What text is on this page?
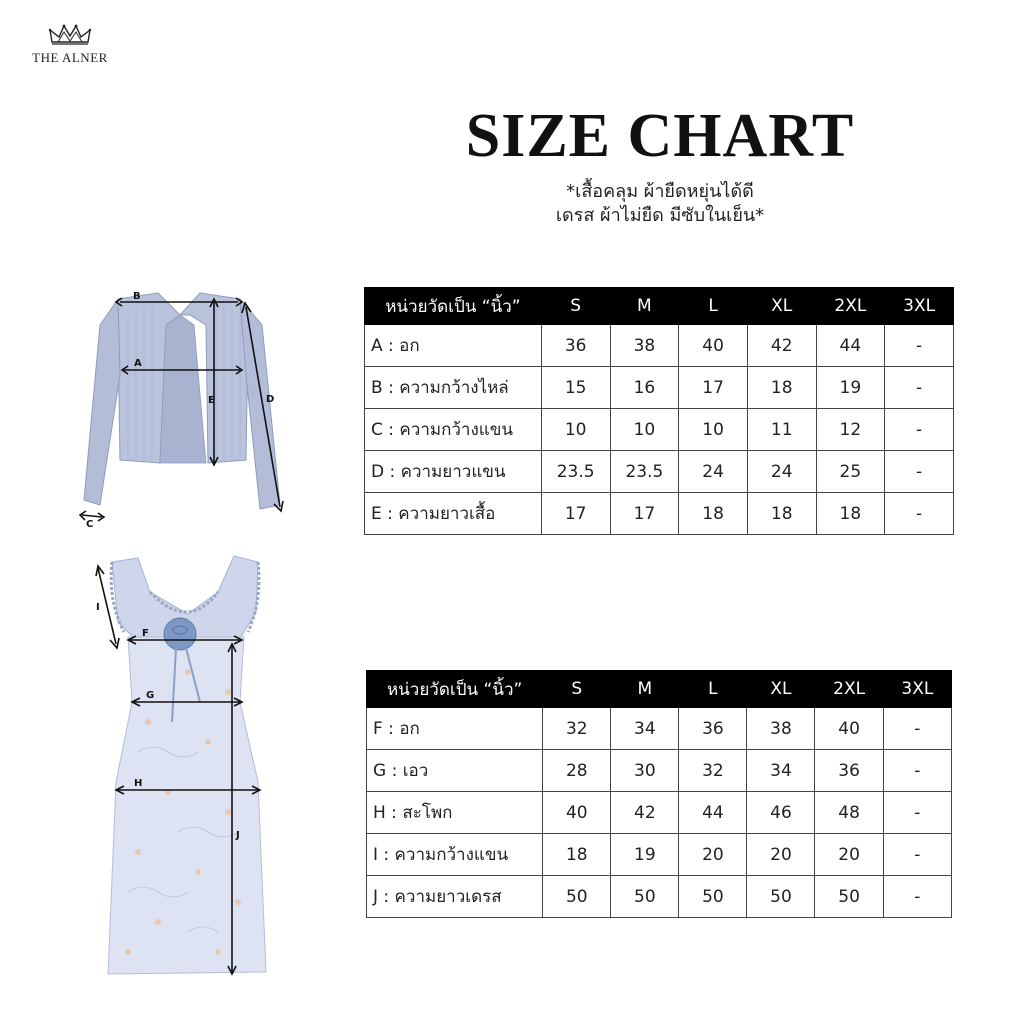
THE ALNER
SIZE CHART
*เสื้อคลุม ผ้ายืดหยุ่นได้ดี
เดรส ผ้าไม่ยืด มีซับในเย็น*
B
A
E	D
C
I
F
G
H
J
หน่วยวัดเป็น “นิ้ว”	S	M	L	XL	2XL	3XL
A : อก	36	38	40	42	44	-
B : ความกว้างไหล่	15	16	17	18	19	-
C : ความกว้างแขน	10	10	10	11	12	-
D : ความยาวแขน	23.5	23.5	24	24	25	-
E : ความยาวเสื้อ	17	17	18	18	18	-
หน่วยวัดเป็น “นิ้ว”	S	M	L	XL	2XL	3XL
F : อก	32	34	36	38	40	-
G : เอว	28	30	32	34	36	-
H : สะโพก	40	42	44	46	48	-
I : ความกว้างแขน	18	19	20	20	20	-
J : ความยาวเดรส	50	50	50	50	50	-
